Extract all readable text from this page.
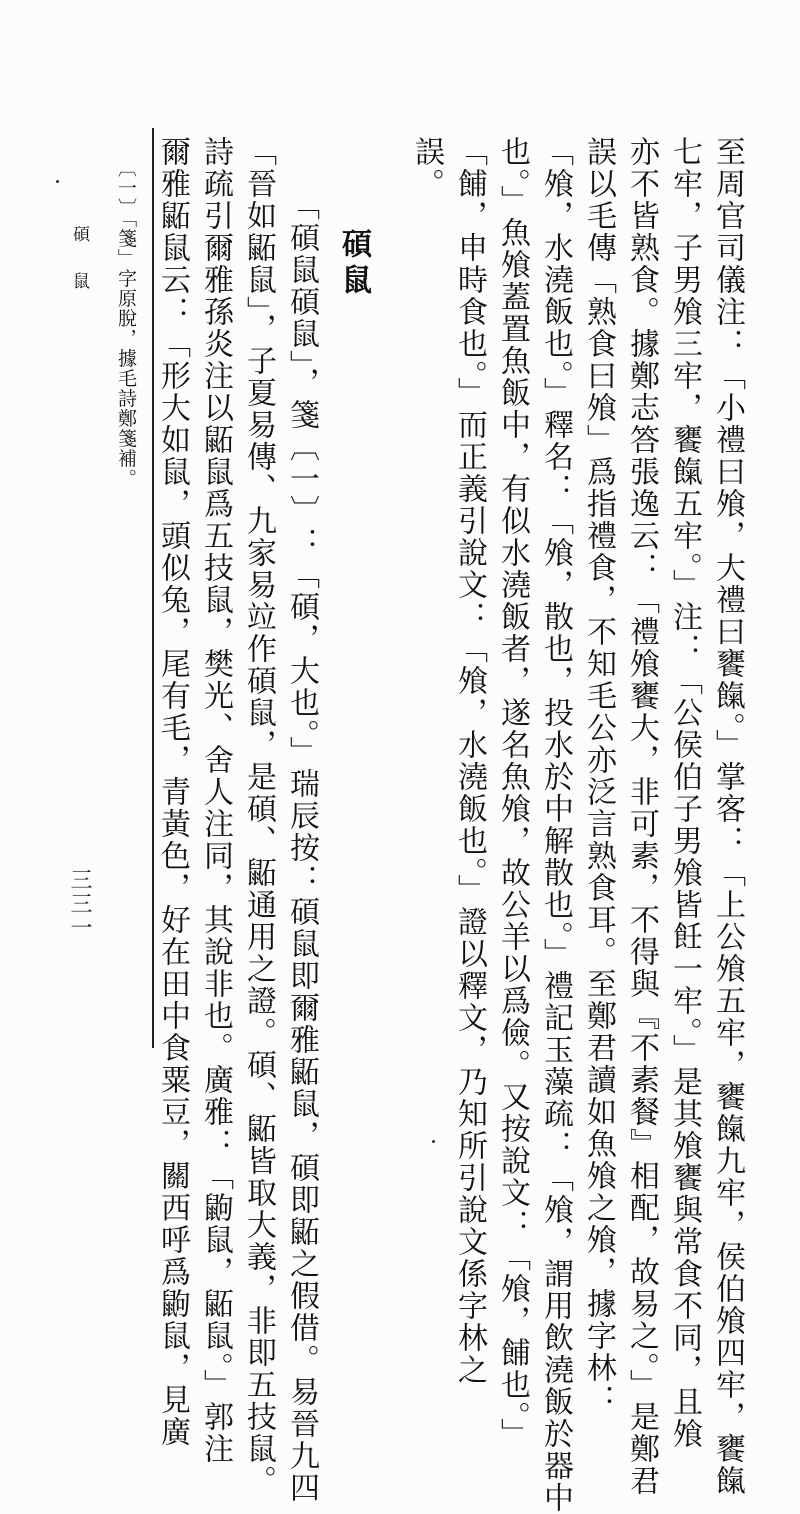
至周官司儀注：「小禮曰飧，大禮曰饔餼。」掌客：「上公飧五牢，饔餼九牢，侯伯飧四牢，饔餼
七牢，子男飧三牢，饔餼五牢。」注：「公侯伯子男飧皆飪一牢。」是其飧饔與常食不同，且飧
亦不皆熟食。據鄭志答張逸云：「禮飧饔大，非可素，不得與『不素餐』相配，故易之。」是鄭君
誤以毛傳「熟食曰飧」爲指禮食，不知毛公亦泛言熟食耳。至鄭君讀如魚飧之飧，據字林：
「飧，水澆飯也。」釋名：「飧，散也，投水於中解散也。」禮記玉藻疏：「飧，謂用飲澆飯於器中
也。」魚飧蓋置魚飯中，有似水澆飯者，遂名魚飧，故公羊以爲儉。又按說文：「飧，餔也。」
「餔，申時食也。」而正義引說文：「飧，水澆飯也。」證以釋文，乃知所引說文係字林之
誤。
碩鼠
「碩鼠碩鼠」，箋〔一〕：「碩，大也。」瑞辰按：碩鼠即爾雅鼫鼠，碩即鼫之假借。易晉九四
「晉如鼫鼠」，子夏易傳、九家易竝作碩鼠，是碩、鼫通用之證。碩、鼫皆取大義，非即五技鼠。
詩疏引爾雅孫炎注以鼫鼠爲五技鼠，樊光、舍人注同，其說非也。廣雅：「鼩鼠，鼫鼠。」郭注
爾雅鼫鼠云：「形大如鼠，頭似兔，尾有毛，青黃色，好在田中食粟豆，關西呼爲鼩鼠，見廣
〔一〕「箋」字原脫，據毛詩鄭箋補。
碩鼠
三三一
